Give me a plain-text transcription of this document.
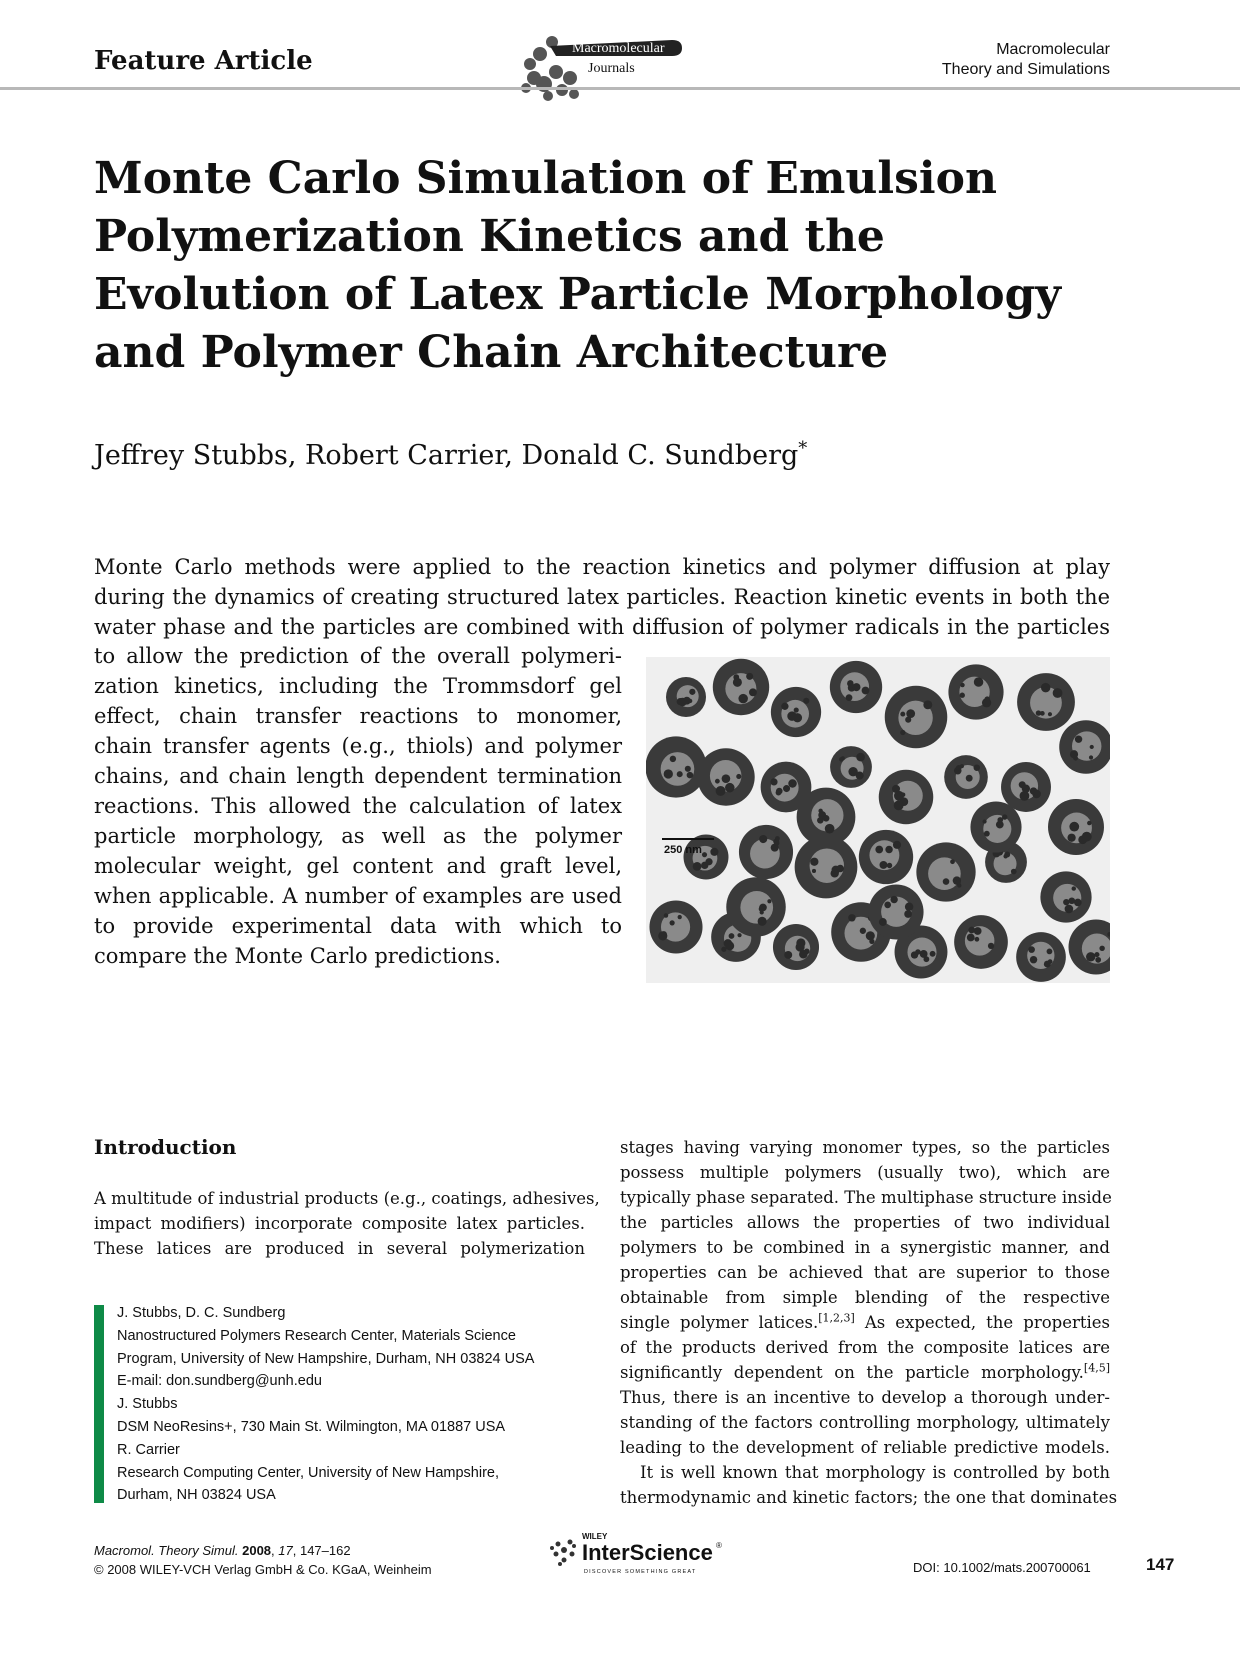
Feature Article	Macromolecular
Journals
Macromolecular
Theory and Simulations
Monte Carlo Simulation of Emulsion Polymerization Kinetics and the Evolution of Latex Particle Morphology and Polymer Chain Architecture
Jeffrey Stubbs, Robert Carrier, Donald C. Sundberg*
Monte Carlo methods were applied to the reaction kinetics and polymer diffusion at play
during the dynamics of creating structured latex particles. Reaction kinetic events in both the
water phase and the particles are combined with diffusion of polymer radicals in the particles
to allow the prediction of the overall polymeri-
zation kinetics, including the Trommsdorf gel
effect, chain transfer reactions to monomer,
chain transfer agents (e.g., thiols) and polymer
chains, and chain length dependent termination
reactions. This allowed the calculation of latex
particle morphology, as well as the polymer
molecular weight, gel content and graft level,
when applicable. A number of examples are used
to provide experimental data with which to
compare the Monte Carlo predictions.
250 nm
Introduction
A multitude of industrial products (e.g., coatings, adhesives,
impact modifiers) incorporate composite latex particles.
These latices are produced in several polymerization
stages having varying monomer types, so the particles
possess multiple polymers (usually two), which are
typically phase separated. The multiphase structure inside
the particles allows the properties of two individual
polymers to be combined in a synergistic manner, and
properties can be achieved that are superior to those
obtainable from simple blending of the respective
single polymer latices.[1,2,3] As expected, the properties
of the products derived from the composite latices are
significantly dependent on the particle morphology.[4,5]
Thus, there is an incentive to develop a thorough under-
standing of the factors controlling morphology, ultimately
leading to the development of reliable predictive models.
It is well known that morphology is controlled by both
thermodynamic and kinetic factors; the one that dominates
J. Stubbs, D. C. Sundberg
Nanostructured Polymers Research Center, Materials Science
Program, University of New Hampshire, Durham, NH 03824 USA
E-mail: don.sundberg@unh.edu
J. Stubbs
DSM NeoResins+, 730 Main St. Wilmington, MA 01887 USA
R. Carrier
Research Computing Center, University of New Hampshire,
Durham, NH 03824 USA
Macromol. Theory Simul. 2008, 17, 147–162
© 2008 WILEY-VCH Verlag GmbH & Co. KGaA, Weinheim
WILEY
InterScience ®
DISCOVER SOMETHING GREAT	DOI: 10.1002/mats.200700061	147
